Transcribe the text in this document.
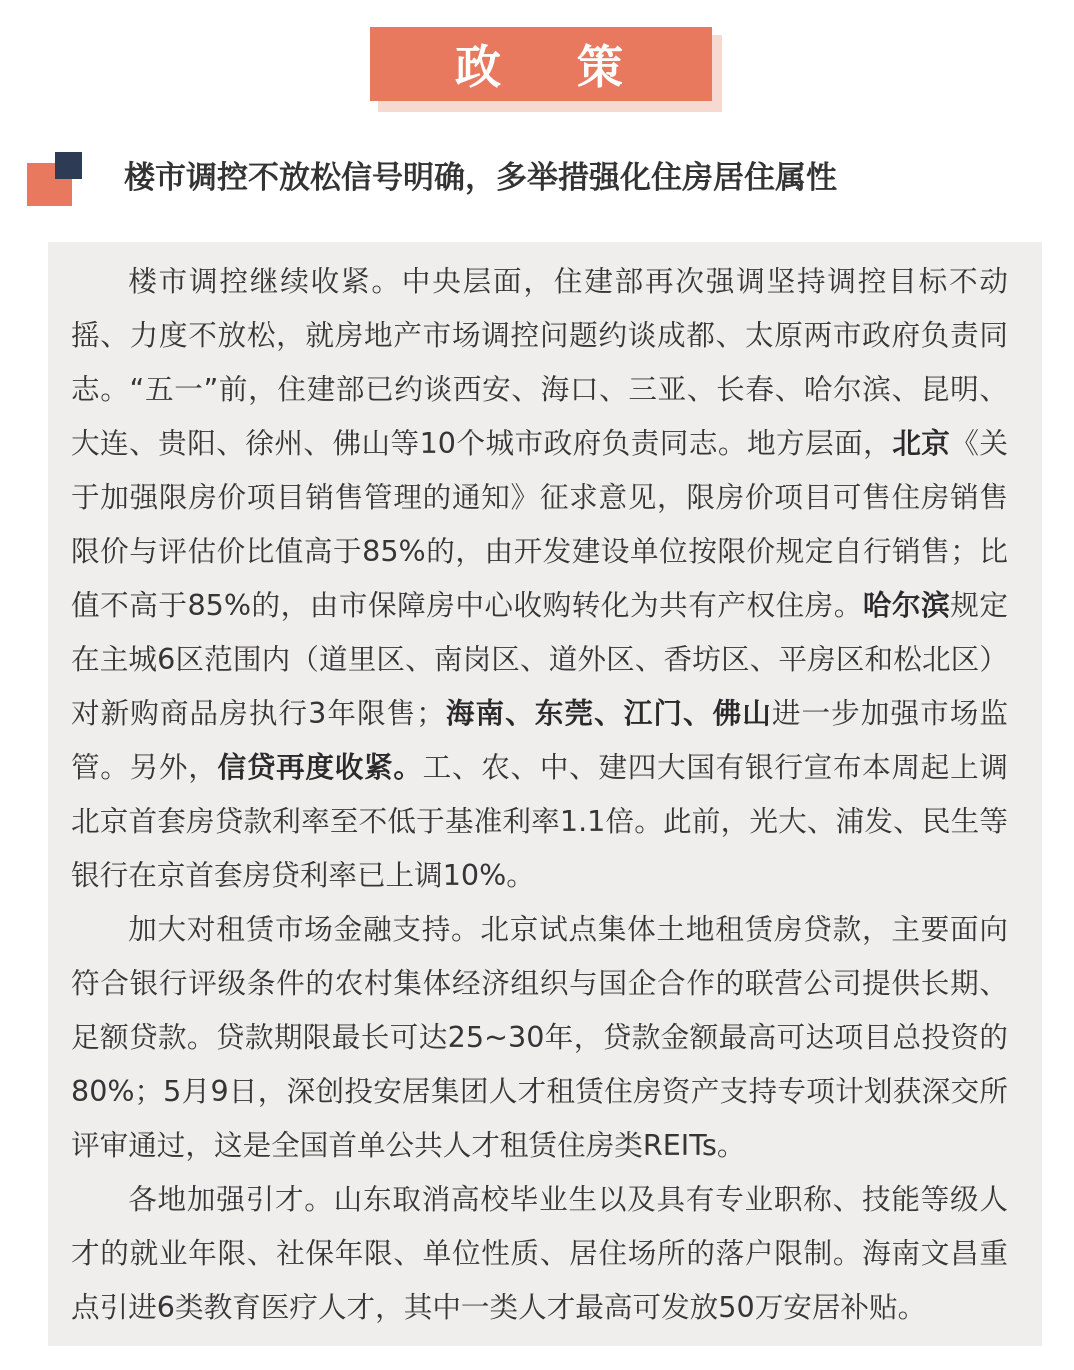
政 策
楼市调控不放松信号明确，多举措强化住房居住属性

楼市调控继续收紧。中央层面，住建部再次强调坚持调控目标不动摇、力度不放松，就房地产市场调控问题约谈成都、太原两市政府负责同志。“五一”前，住建部已约谈西安、海口、三亚、长春、哈尔滨、昆明、大连、贵阳、徐州、佛山等10个城市政府负责同志。地方层面，北京《关于加强限房价项目销售管理的通知》征求意见，限房价项目可售住房销售限价与评估价比值高于85%的，由开发建设单位按限价规定自行销售；比值不高于85%的，由市保障房中心收购转化为共有产权住房。哈尔滨规定在主城6区范围内（道里区、南岗区、道外区、香坊区、平房区和松北区）对新购商品房执行3年限售；海南、东莞、江门、佛山进一步加强市场监管。另外，信贷再度收紧。工、农、中、建四大国有银行宣布本周起上调北京首套房贷款利率至不低于基准利率1.1倍。此前，光大、浦发、民生等银行在京首套房贷利率已上调10%。

加大对租赁市场金融支持。北京试点集体土地租赁房贷款，主要面向符合银行评级条件的农村集体经济组织与国企合作的联营公司提供长期、足额贷款。贷款期限最长可达25~30年，贷款金额最高可达项目总投资的80%；5月9日，深创投安居集团人才租赁住房资产支持专项计划获深交所评审通过，这是全国首单公共人才租赁住房类REITs。

各地加强引才。山东取消高校毕业生以及具有专业职称、技能等级人才的就业年限、社保年限、单位性质、居住场所的落户限制。海南文昌重点引进6类教育医疗人才，其中一类人才最高可发放50万安居补贴。
